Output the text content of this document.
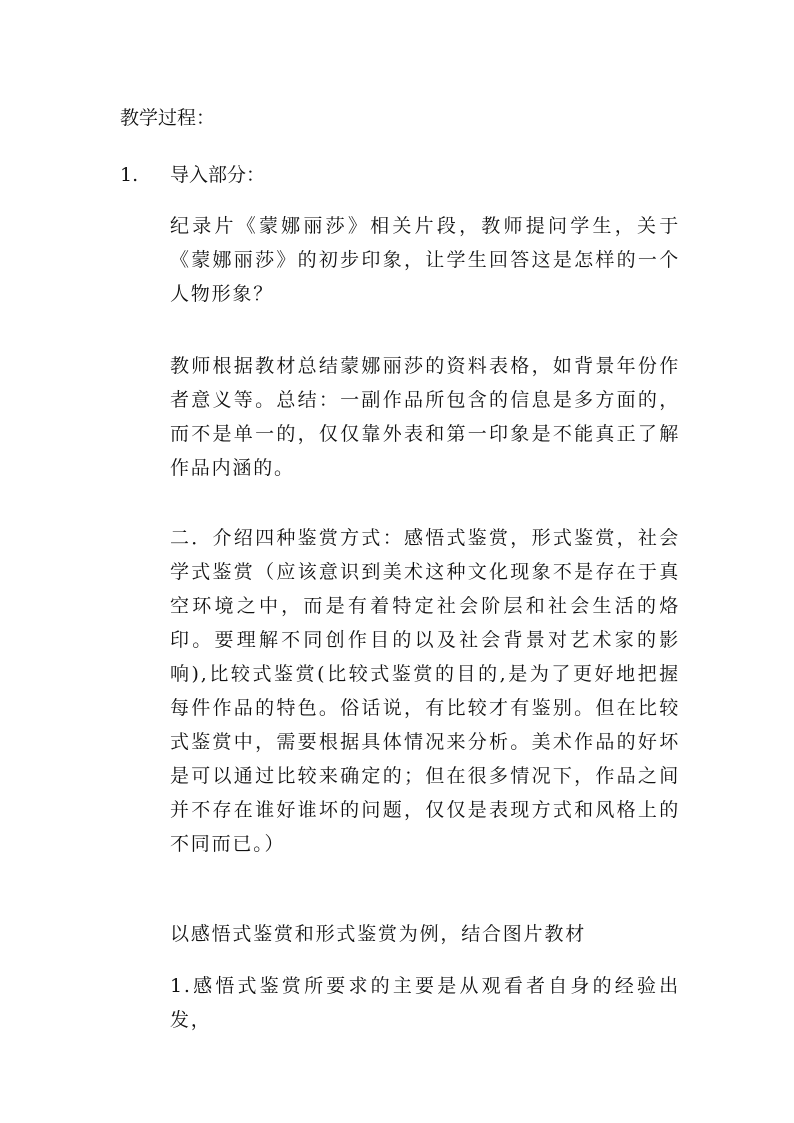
教学过程：
1. 导入部分：

纪录片《蒙娜丽莎》相关片段，教师提问学生，关于《蒙娜丽莎》的初步印象，让学生回答这是怎样的一个人物形象？

教师根据教材总结蒙娜丽莎的资料表格，如背景年份作者意义等。总结：一副作品所包含的信息是多方面的，而不是单一的，仅仅靠外表和第一印象是不能真正了解作品内涵的。

二．介绍四种鉴赏方式：感悟式鉴赏，形式鉴赏，社会学式鉴赏（应该意识到美术这种文化现象不是存在于真空环境之中，而是有着特定社会阶层和社会生活的烙印。要理解不同创作目的以及社会背景对艺术家的影响),比较式鉴赏(比较式鉴赏的目的,是为了更好地把握每件作品的特色。俗话说，有比较才有鉴别。但在比较式鉴赏中，需要根据具体情况来分析。美术作品的好坏是可以通过比较来确定的；但在很多情况下，作品之间并不存在谁好谁坏的问题，仅仅是表现方式和风格上的不同而已。）

以感悟式鉴赏和形式鉴赏为例，结合图片教材

1.感悟式鉴赏所要求的主要是从观看者自身的经验出发，
